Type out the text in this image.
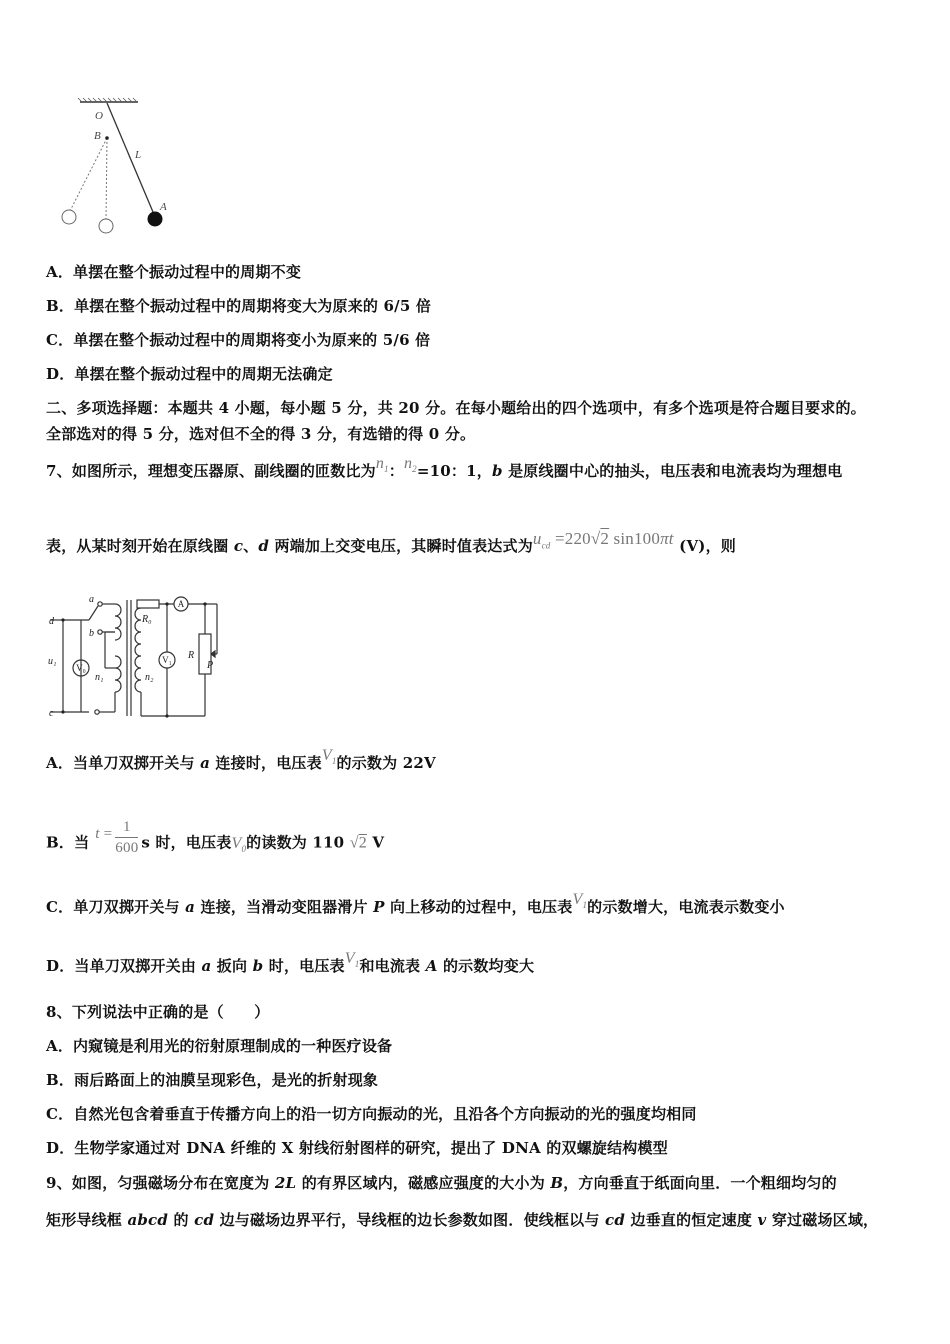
O
B
L
A
A．单摆在整个振动过程中的周期不变
B．单摆在整个振动过程中的周期将变大为原来的 6/5 倍
C．单摆在整个振动过程中的周期将变小为原来的 5/6 倍
D．单摆在整个振动过程中的周期无法确定
二、多项选择题：本题共 4 小题，每小题 5 分，共 20 分。在每小题给出的四个选项中，有多个选项是符合题目要求的。
全部选对的得 5 分，选对但不全的得 3 分，有选错的得 0 分。
7、如图所示，理想变压器原、副线圈的匝数比为$n_1$：$n_2=10$：1，b 是原线圈中心的抽头，电压表和电流表均为理想电
表，从某时刻开始在原线圈 c、d 两端加上交变电压，其瞬时值表达式为$u_{cd} =220√2$ sin100πt (V)，则
a
b
d
c
u₁
n₁	n₂
R₀
R
P
A
V₀
V₁
A．当单刀双掷开关与 a 连接时，电压表$V_1$的示数为 22V
B．当 $t = \frac{1}{600}$ s 时，电压表$V_0$的读数为 110 √2 V
C．单刀双掷开关与 a 连接，当滑动变阻器滑片 P 向上移动的过程中，电压表$V_1$的示数增大，电流表示数变小
D．当单刀双掷开关由 a 扳向 b 时，电压表$V_1$和电流表 A 的示数均变大
8、下列说法中正确的是（　　）
A．内窥镜是利用光的衍射原理制成的一种医疗设备
B．雨后路面上的油膜呈现彩色，是光的折射现象
C．自然光包含着垂直于传播方向上的沿一切方向振动的光，且沿各个方向振动的光的强度均相同
D．生物学家通过对 DNA 纤维的 X 射线衍射图样的研究，提出了 DNA 的双螺旋结构模型
9、如图，匀强磁场分布在宽度为 2L 的有界区域内，磁感应强度的大小为 B，方向垂直于纸面向里．一个粗细均匀的
矩形导线框 abcd 的 cd 边与磁场边界平行，导线框的边长参数如图．使线框以与 cd 边垂直的恒定速度 v 穿过磁场区域，
